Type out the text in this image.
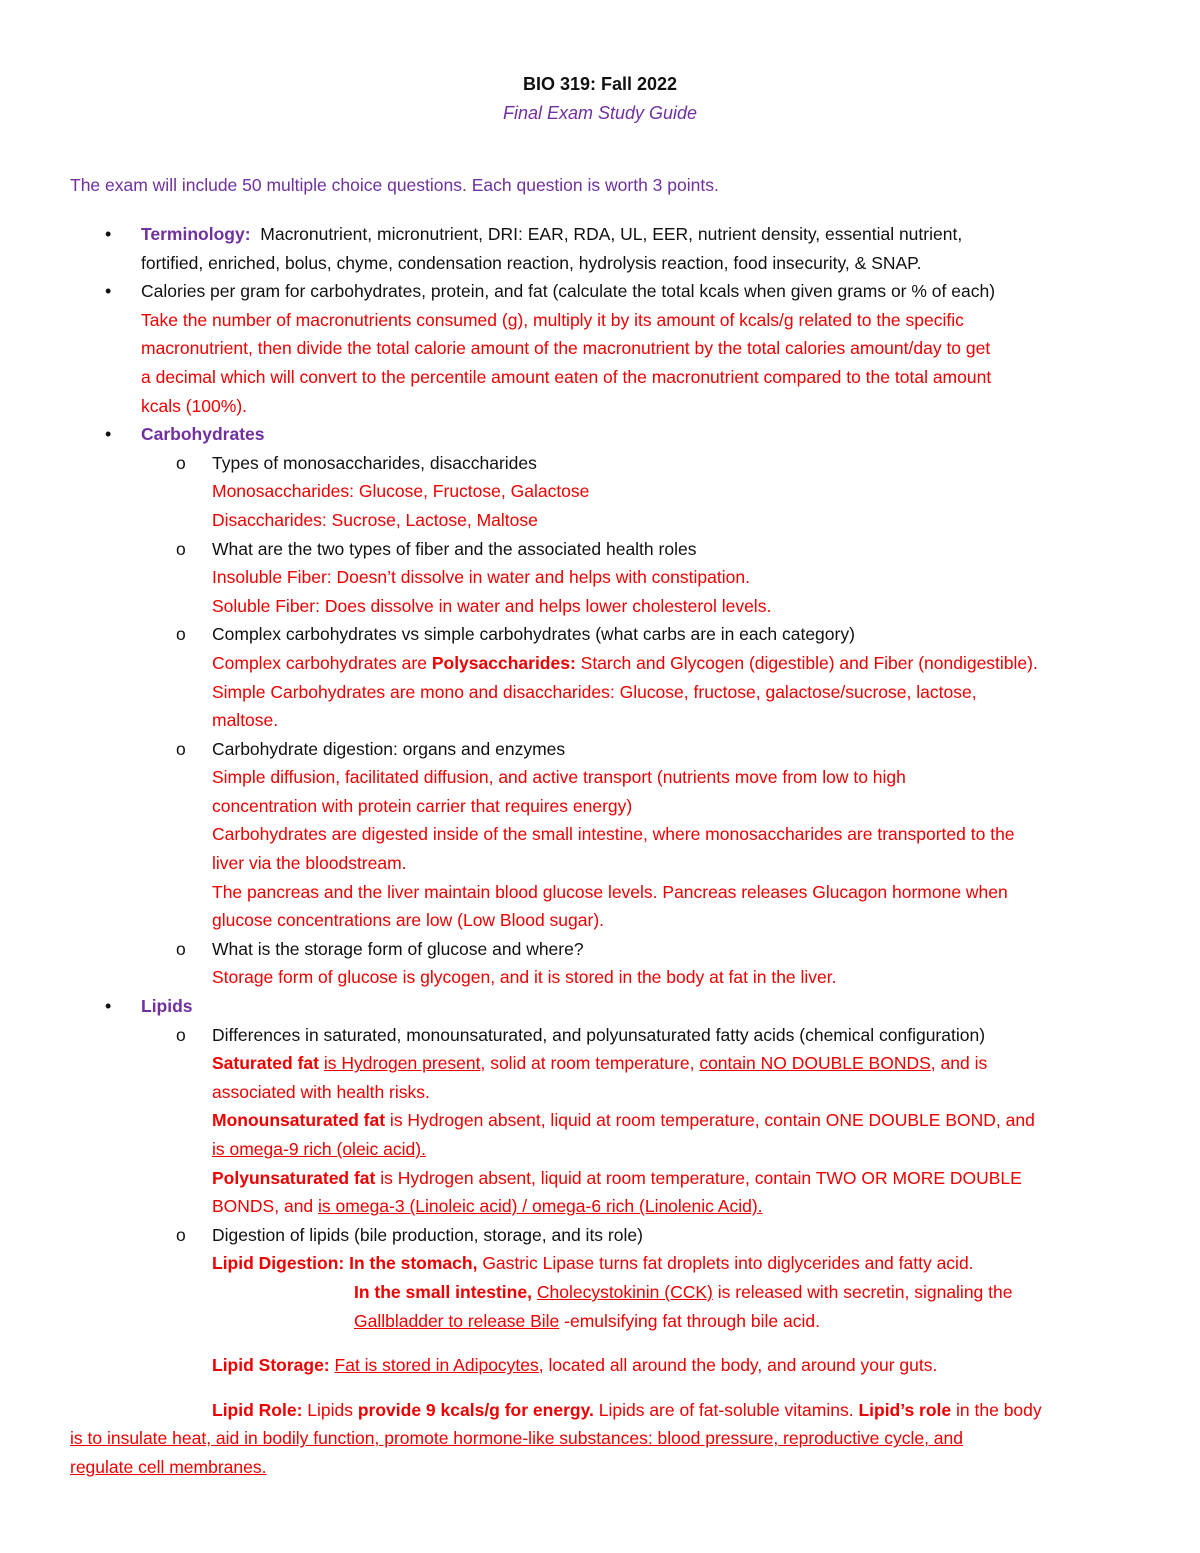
BIO 319: Fall 2022
Final Exam Study Guide
The exam will include 50 multiple choice questions. Each question is worth 3 points.
• Terminology: Macronutrient, micronutrient, DRI: EAR, RDA, UL, EER, nutrient density, essential nutrient,
fortified, enriched, bolus, chyme, condensation reaction, hydrolysis reaction, food insecurity, & SNAP.
• Calories per gram for carbohydrates, protein, and fat (calculate the total kcals when given grams or % of each)
Take the number of macronutrients consumed (g), multiply it by its amount of kcals/g related to the specific
macronutrient, then divide the total calorie amount of the macronutrient by the total calories amount/day to get
a decimal which will convert to the percentile amount eaten of the macronutrient compared to the total amount
kcals (100%).
• Carbohydrates
o Types of monosaccharides, disaccharides
Monosaccharides: Glucose, Fructose, Galactose
Disaccharides: Sucrose, Lactose, Maltose
o What are the two types of fiber and the associated health roles
Insoluble Fiber: Doesn’t dissolve in water and helps with constipation.
Soluble Fiber: Does dissolve in water and helps lower cholesterol levels.
o Complex carbohydrates vs simple carbohydrates (what carbs are in each category)
Complex carbohydrates are Polysaccharides: Starch and Glycogen (digestible) and Fiber (nondigestible).
Simple Carbohydrates are mono and disaccharides: Glucose, fructose, galactose/sucrose, lactose,
maltose.
o Carbohydrate digestion: organs and enzymes
Simple diffusion, facilitated diffusion, and active transport (nutrients move from low to high
concentration with protein carrier that requires energy)
Carbohydrates are digested inside of the small intestine, where monosaccharides are transported to the
liver via the bloodstream.
The pancreas and the liver maintain blood glucose levels. Pancreas releases Glucagon hormone when
glucose concentrations are low (Low Blood sugar).
o What is the storage form of glucose and where?
Storage form of glucose is glycogen, and it is stored in the body at fat in the liver.
• Lipids
o Differences in saturated, monounsaturated, and polyunsaturated fatty acids (chemical configuration)
Saturated fat is Hydrogen present, solid at room temperature, contain NO DOUBLE BONDS, and is
associated with health risks.
Monounsaturated fat is Hydrogen absent, liquid at room temperature, contain ONE DOUBLE BOND, and
is omega-9 rich (oleic acid).
Polyunsaturated fat is Hydrogen absent, liquid at room temperature, contain TWO OR MORE DOUBLE
BONDS, and is omega-3 (Linoleic acid) / omega-6 rich (Linolenic Acid).
o Digestion of lipids (bile production, storage, and its role)
Lipid Digestion: In the stomach, Gastric Lipase turns fat droplets into diglycerides and fatty acid.
In the small intestine, Cholecystokinin (CCK) is released with secretin, signaling the
Gallbladder to release Bile -emulsifying fat through bile acid.
Lipid Storage: Fat is stored in Adipocytes, located all around the body, and around your guts.
Lipid Role: Lipids provide 9 kcals/g for energy. Lipids are of fat-soluble vitamins. Lipid’s role in the body
is to insulate heat, aid in bodily function, promote hormone-like substances: blood pressure, reproductive cycle, and
regulate cell membranes.
